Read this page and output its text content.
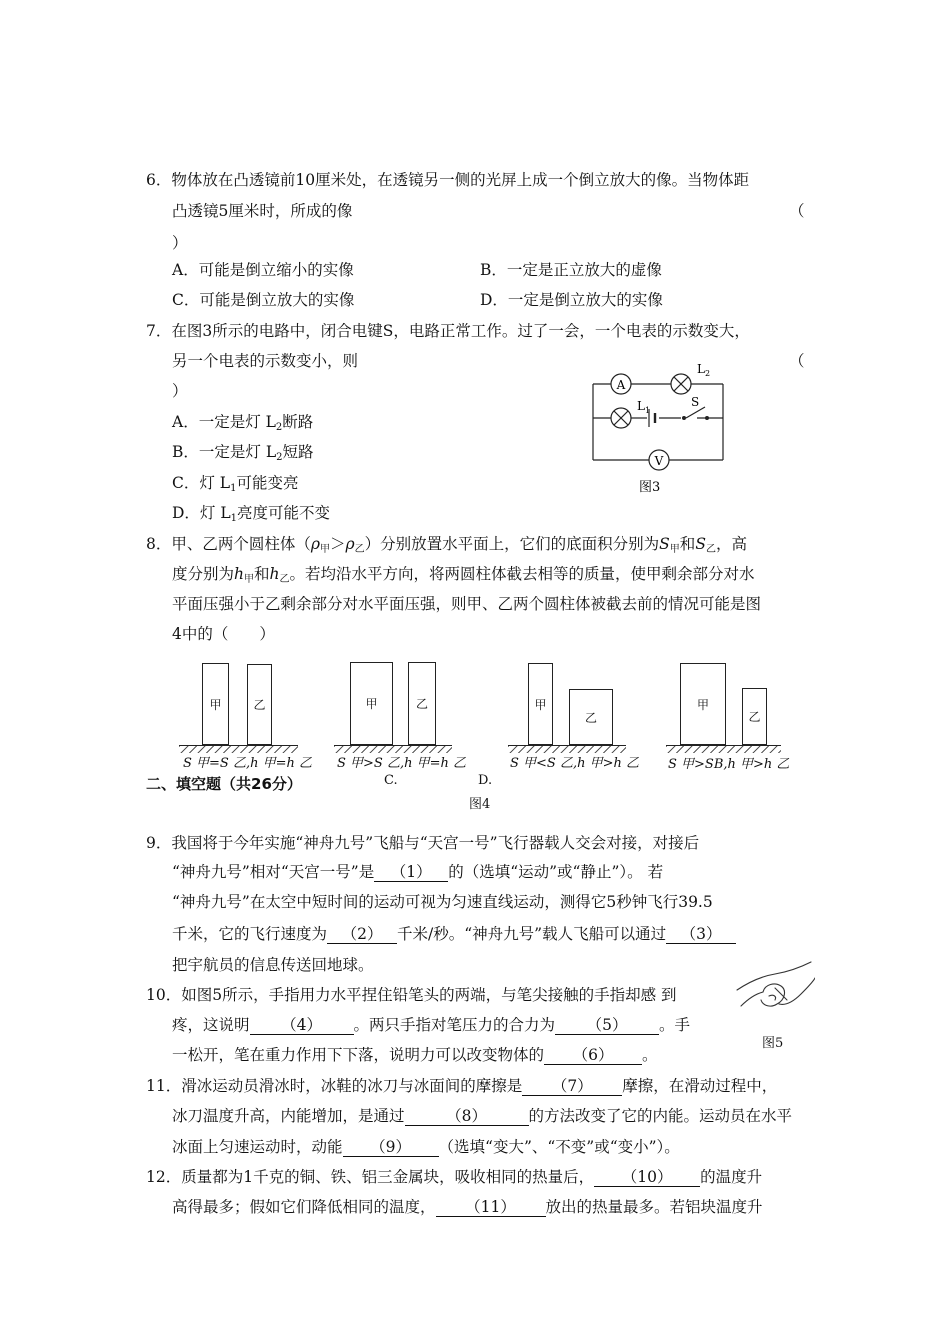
6．物体放在凸透镜前10厘米处，在透镜另一侧的光屏上成一个倒立放大的像。当物体距
凸透镜5厘米时，所成的像	（
）
A．可能是倒立缩小的实像	B．一定是正立放大的虚像
C．可能是倒立放大的实像	D．一定是倒立放大的实像
7．在图3所示的电路中，闭合电键S，电路正常工作。过了一会，一个电表的示数变大，
另一个电表的示数变小，则	（
）
A．一定是灯 $L_2$断路
B．一定是灯 $L_2$短路
C．灯 $L_1$可能变亮
D．灯 $L_1$亮度可能不变
A
V
$L_2$
$L_1$
S
图3
8．甲、乙两个圆柱体$(\rho_甲>\rho_乙)$分别放置水平面上，它们的底面积分别为$S_甲$和$S_乙$，高
度分别为$h_甲$和$h_乙$。若均沿水平方向，将两圆柱体截去相等的质量，使甲剩余部分对水
平面压强小于乙剩余部分对水平面压强，则甲、乙两个圆柱体被截去前的情况可能是图
4中的（　　）
甲	乙
S 甲=S 乙,h 甲=h 乙
甲	乙
S 甲>S 乙,h 甲=h 乙
C.
甲
乙
S 甲<S 乙,h 甲>h 乙
D.
甲
乙
S 甲>SB,h 甲>h 乙
图4
二、填空题（共26分）
9．我国将于今年实施“神舟九号”飞船与“天宫一号”飞行器载人交会对接，对接后
“神舟九号”相对“天宫一号”是 （1） 的（选填“运动”或“静止”）。 若
“神舟九号”在太空中短时间的运动可视为匀速直线运动，测得它5秒钟飞行39.5
千米，它的飞行速度为 （2） 千米/秒。“神舟九号”载人飞船可以通过 （3）
把宇航员的信息传送回地球。
10．如图5所示，手指用力水平捏住铅笔头的两端，与笔尖接触的手指却感 到
疼，这说明 （4） 。两只手指对笔压力的合力为 （5） 。手
一松开，笔在重力作用下下落，说明力可以改变物体的 （6） 。
图5
11．滑冰运动员滑冰时，冰鞋的冰刀与冰面间的摩擦是 （7） 摩擦，在滑动过程中，
冰刀温度升高，内能增加，是通过	（8）	的方法改变了它的内能。运动员在水平
冰面上匀速运动时，动能 （9） （选填“变大”、“不变”或“变小”）。
12．质量都为1千克的铜、铁、铝三金属块，吸收相同的热量后， （10） 的温度升
高得最多；假如它们降低相同的温度， （11） 放出的热量最多。若铝块温度升
